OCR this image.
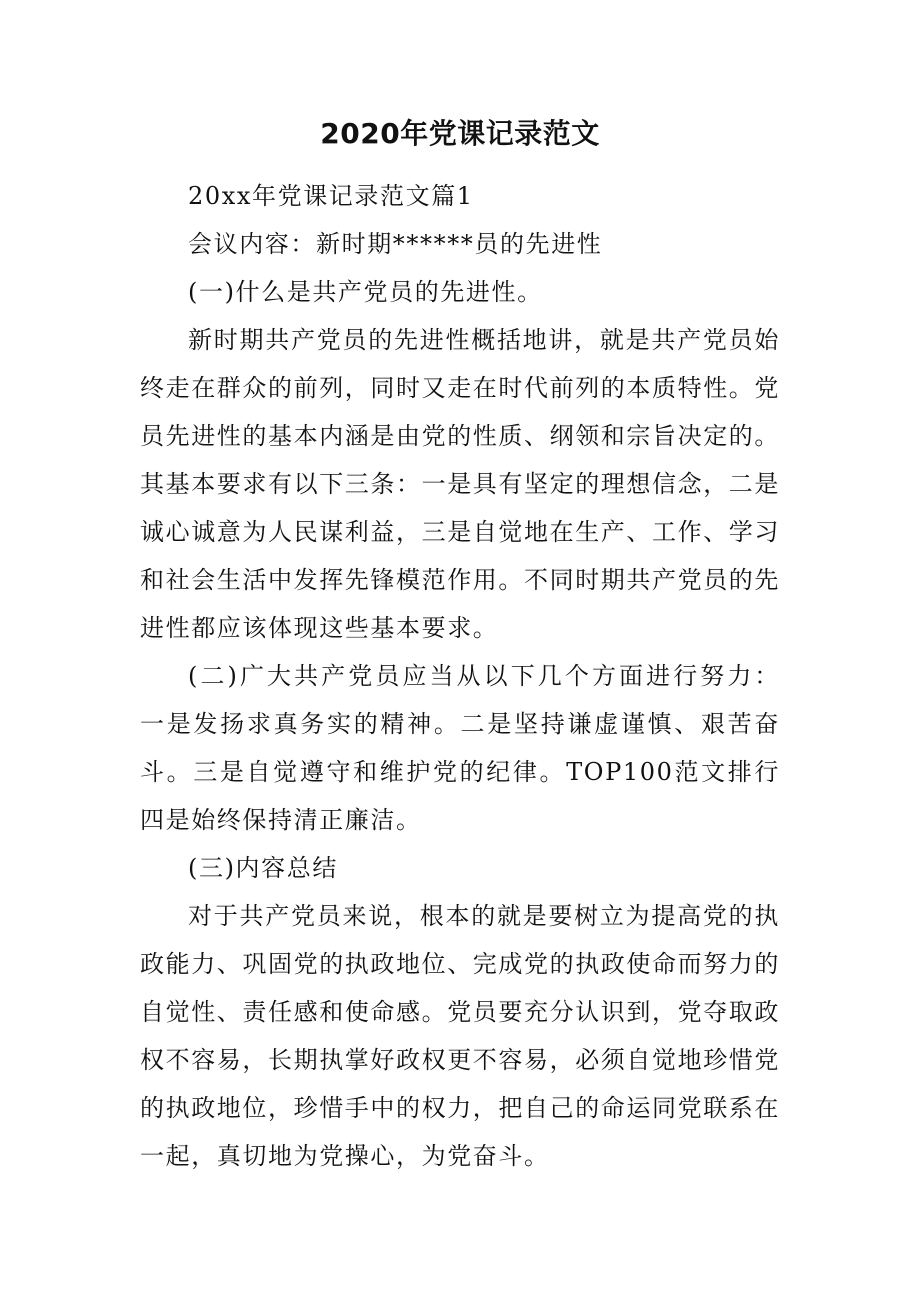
2020年党课记录范文

20xx年党课记录范文篇1

会议内容：新时期******员的先进性

(一)什么是共产党员的先进性。

新时期共产党员的先进性概括地讲，就是共产党员始终走在群众的前列，同时又走在时代前列的本质特性。党员先进性的基本内涵是由党的性质、纲领和宗旨决定的。其基本要求有以下三条：一是具有坚定的理想信念，二是诚心诚意为人民谋利益，三是自觉地在生产、工作、学习和社会生活中发挥先锋模范作用。不同时期共产党员的先进性都应该体现这些基本要求。

(二)广大共产党员应当从以下几个方面进行努力： 一是发扬求真务实的精神。二是坚持谦虚谨慎、艰苦奋斗。三是自觉遵守和维护党的纪律。TOP100范文排行四是始终保持清正廉洁。

(三)内容总结

对于共产党员来说，根本的就是要树立为提高党的执政能力、巩固党的执政地位、完成党的执政使命而努力的自觉性、责任感和使命感。党员要充分认识到，党夺取政权不容易，长期执掌好政权更不容易，必须自觉地珍惜党的执政地位，珍惜手中的权力，把自己的命运同党联系在一起，真切地为党操心，为党奋斗。
